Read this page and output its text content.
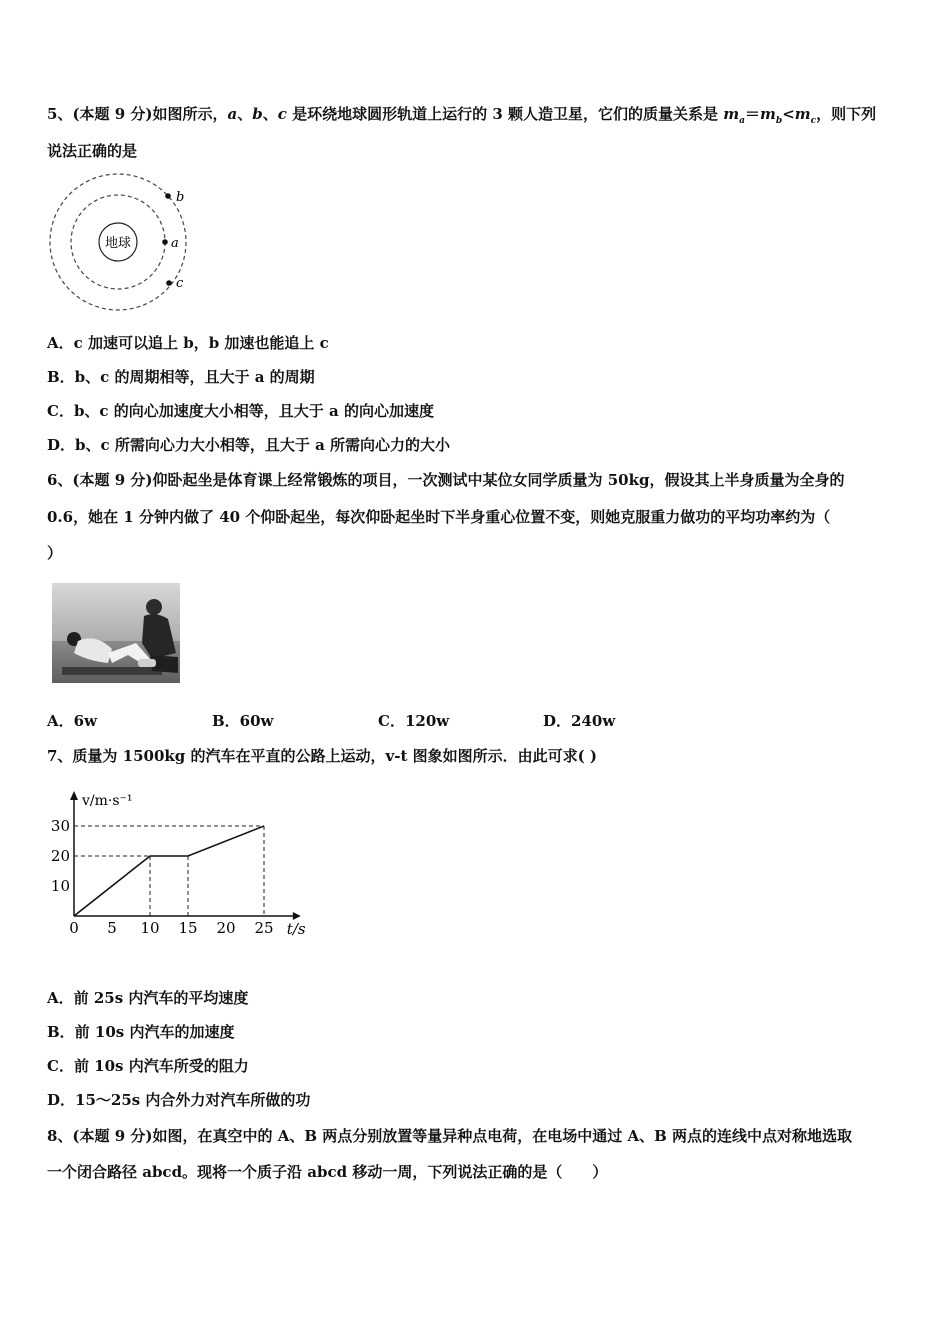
5、(本题 9 分)如图所示，a、b、c 是环绕地球圆形轨道上运行的 3 颗人造卫星，它们的质量关系是 $m_a=m_b<m_c$，则下列
说法正确的是
地球
b
a
c
A．c 加速可以追上 b，b 加速也能追上 c
B．b、c 的周期相等，且大于 a 的周期
C．b、c 的向心加速度大小相等，且大于 a 的向心加速度
D．b、c 所需向心力大小相等，且大于 a 所需向心力的大小
6、(本题 9 分)仰卧起坐是体育课上经常锻炼的项目，一次测试中某位女同学质量为 50kg，假设其上半身质量为全身的
0.6，她在 1 分钟内做了 40 个仰卧起坐，每次仰卧起坐时下半身重心位置不变，则她克服重力做功的平均功率约为（
）
A．6w	B．60w	C．120w	D．240w
7、质量为 1500kg 的汽车在平直的公路上运动，v-t 图象如图所示．由此可求( )
0 5 10 15 20 25
10
20
30
t/s
v/m·s⁻¹
A．前 25s 内汽车的平均速度
B．前 10s 内汽车的加速度
C．前 10s 内汽车所受的阻力
D．15～25s 内合外力对汽车所做的功
8、(本题 9 分)如图，在真空中的 A、B 两点分别放置等量异种点电荷，在电场中通过 A、B 两点的连线中点对称地选取
一个闭合路径 abcd。现将一个质子沿 abcd 移动一周，下列说法正确的是（　　）
